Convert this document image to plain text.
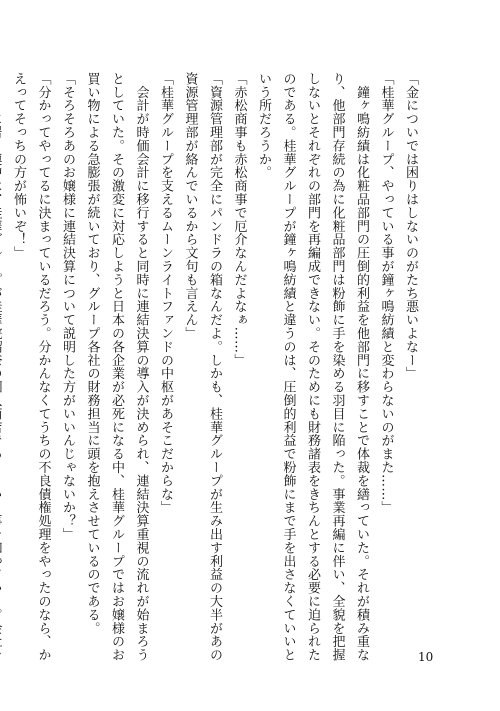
「金についでは困りはしないのがたち悪いよなー」
「桂華グループ、やっている事が鐘ヶ鳴紡績と変わらないのがまた……」
　鐘ヶ鳴紡績は化粧品部門の圧倒的利益を他部門に移すことで体裁を繕っていた。それが積み重な
り、他部門存続の為に化粧品部門は粉飾に手を染める羽目に陥った。事業再編に伴い、全貌を把握
しないとそれぞれの部門を再編成できない。そのためにも財務諸表をきちんとする必要に迫られた
のである。桂華グループが鐘ヶ鳴紡績と違うのは、圧倒的利益で粉飾にまで手を出さなくていいと
いう所だろうか。
「赤松商事も赤松商事で厄介なんだよなぁ……」
「資源管理部が完全にパンドラの箱なんだよ。しかも、桂華グループが生み出す利益の大半があの
資源管理部が絡んでいるから文句も言えん」
「桂華グループを支えるムーンライトファンドの中枢があそこだからな」
　会計が時価会計に移行すると同時に連結決算の導入が決められ、連結決算重視の流れが始まろう
としていた。その激変に対応しようと日本の各企業が必死になる中、桂華グループではお嬢様のお
買い物による急膨張が続いており、グループ各社の財務担当に頭を抱えさせているのである。
「そろそろあのお嬢様に連結決算について説明した方がいいんじゃないか？」
「分かってやってるに決まっているだろう。分かんなくてうちの不良債権処理をやったのなら、か
えってそっちの方が怖いぞ！」
10
